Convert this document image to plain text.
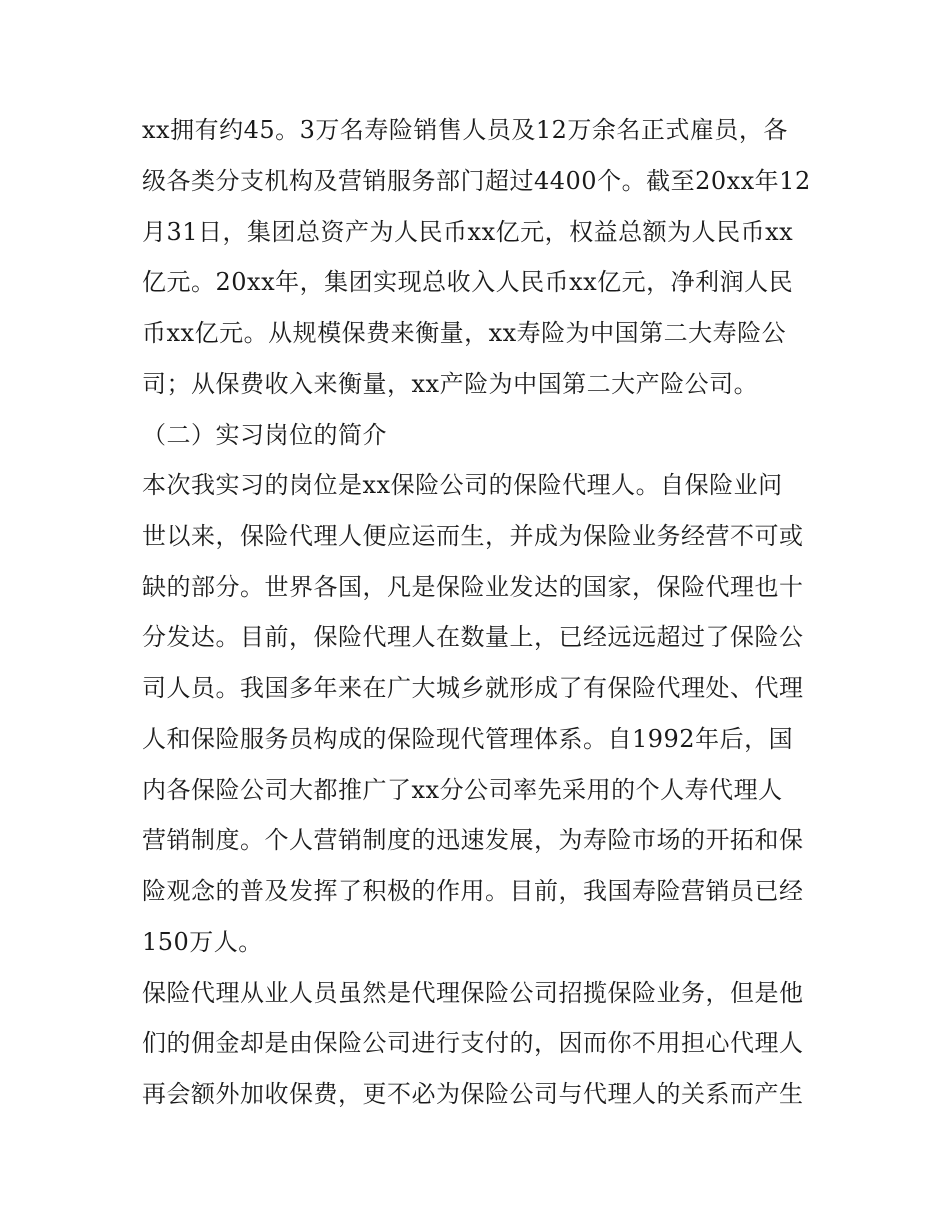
xx拥有约45。3万名寿险销售人员及12万余名正式雇员，各
级各类分支机构及营销服务部门超过4400个。截至20xx年12
月31日，集团总资产为人民币xx亿元，权益总额为人民币xx
亿元。20xx年，集团实现总收入人民币xx亿元，净利润人民
币xx亿元。从规模保费来衡量，xx寿险为中国第二大寿险公
司；从保费收入来衡量，xx产险为中国第二大产险公司。
（二）实习岗位的简介
本次我实习的岗位是xx保险公司的保险代理人。自保险业问
世以来，保险代理人便应运而生，并成为保险业务经营不可或
缺的部分。世界各国，凡是保险业发达的国家，保险代理也十
分发达。目前，保险代理人在数量上，已经远远超过了保险公
司人员。我国多年来在广大城乡就形成了有保险代理处、代理
人和保险服务员构成的保险现代管理体系。自1992年后，国
内各保险公司大都推广了xx分公司率先采用的个人寿代理人
营销制度。个人营销制度的迅速发展，为寿险市场的开拓和保
险观念的普及发挥了积极的作用。目前，我国寿险营销员已经
150万人。
保险代理从业人员虽然是代理保险公司招揽保险业务，但是他
们的佣金却是由保险公司进行支付的，因而你不用担心代理人
再会额外加收保费，更不必为保险公司与代理人的关系而产生
